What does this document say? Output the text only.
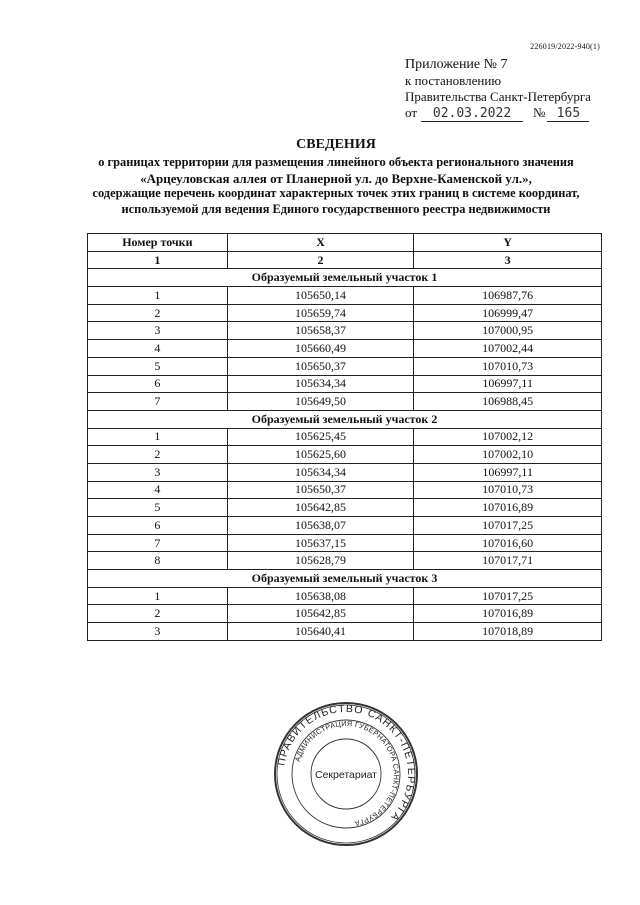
226019/2022-940(1)
Приложение № 7
к постановлению
Правительства Санкт-Петербурга
от 02.03.2022 № 165
СВЕДЕНИЯ
о границах территории для размещения линейного объекта регионального значения
«Арцеуловская аллея от Планерной ул. до Верхне-Каменской ул.»,
содержащие перечень координат характерных точек этих границ в системе координат,
используемой для ведения Единого государственного реестра недвижимости
Номер точки	X	Y
1	2	3
Образуемый земельный участок 1		
1	105650,14	106987,76
2	105659,74	106999,47
3	105658,37	107000,95
4	105660,49	107002,44
5	105650,37	107010,73
6	105634,34	106997,11
7	105649,50	106988,45
Образуемый земельный участок 2		
1	105625,45	107002,12
2	105625,60	107002,10
3	105634,34	106997,11
4	105650,37	107010,73
5	105642,85	107016,89
6	105638,07	107017,25
7	105637,15	107016,60
8	105628,79	107017,71
Образуемый земельный участок 3		
1	105638,08	107017,25
2	105642,85	107016,89
3	105640,41	107018,89
ПРАВИТЕЛЬСТВО САНКТ-ПЕТЕРБУРГА
АДМИНИСТРАЦИЯ ГУБЕРНАТОРА САНКТ-ПЕТЕРБУРГА
Секретариат
